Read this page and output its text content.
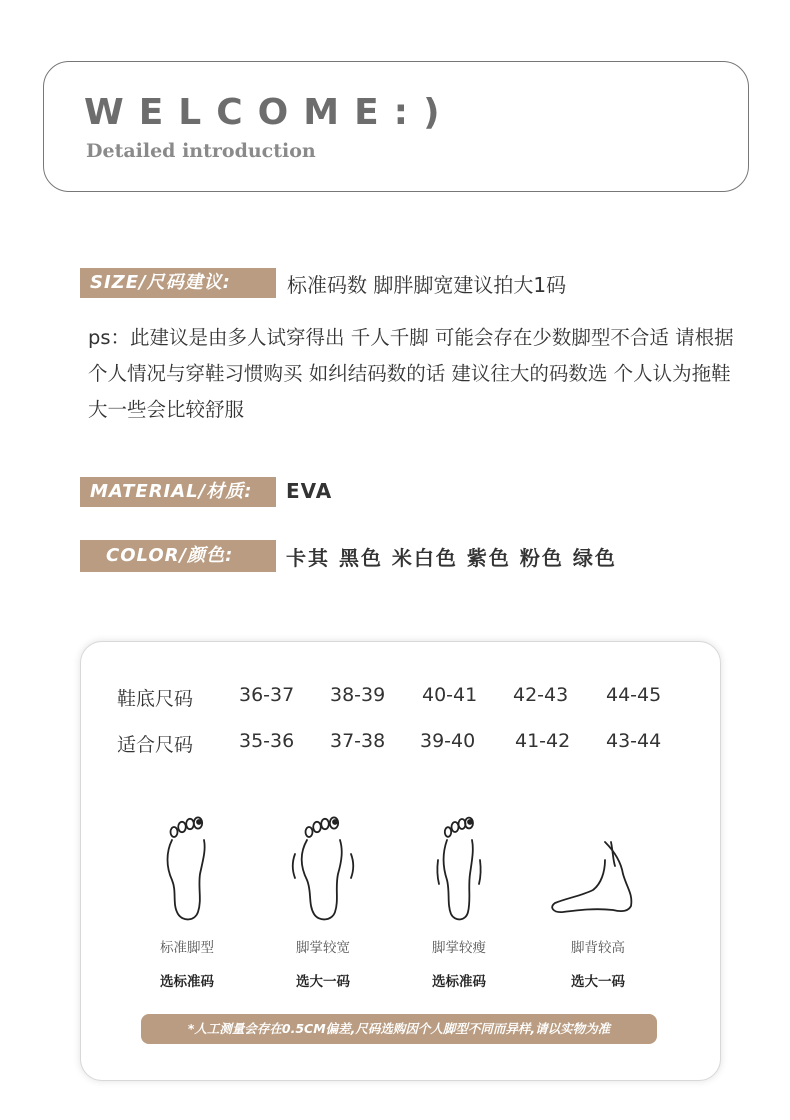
WELCOME:)
Detailed introduction
SIZE/尺码建议:	标准码数 脚胖脚宽建议拍大1码
ps：此建议是由多人试穿得出 千人千脚 可能会存在少数脚型不合适 请根据个人情况与穿鞋习惯购买 如纠结码数的话 建议往大的码数选 个人认为拖鞋大一些会比较舒服
MATERIAL/材质:	EVA
COLOR/颜色:	卡其 黑色 米白色 紫色 粉色 绿色
鞋底尺码 36-37 38-39 40-41 42-43 44-45
适合尺码 35-36 37-38 39-40 41-42 43-44
标准脚型
选标准码
脚掌较宽
选大一码
脚掌较瘦
选标准码
脚背较高
选大一码
*人工测量会存在0.5CM偏差,尺码选购因个人脚型不同而异样,请以实物为准
